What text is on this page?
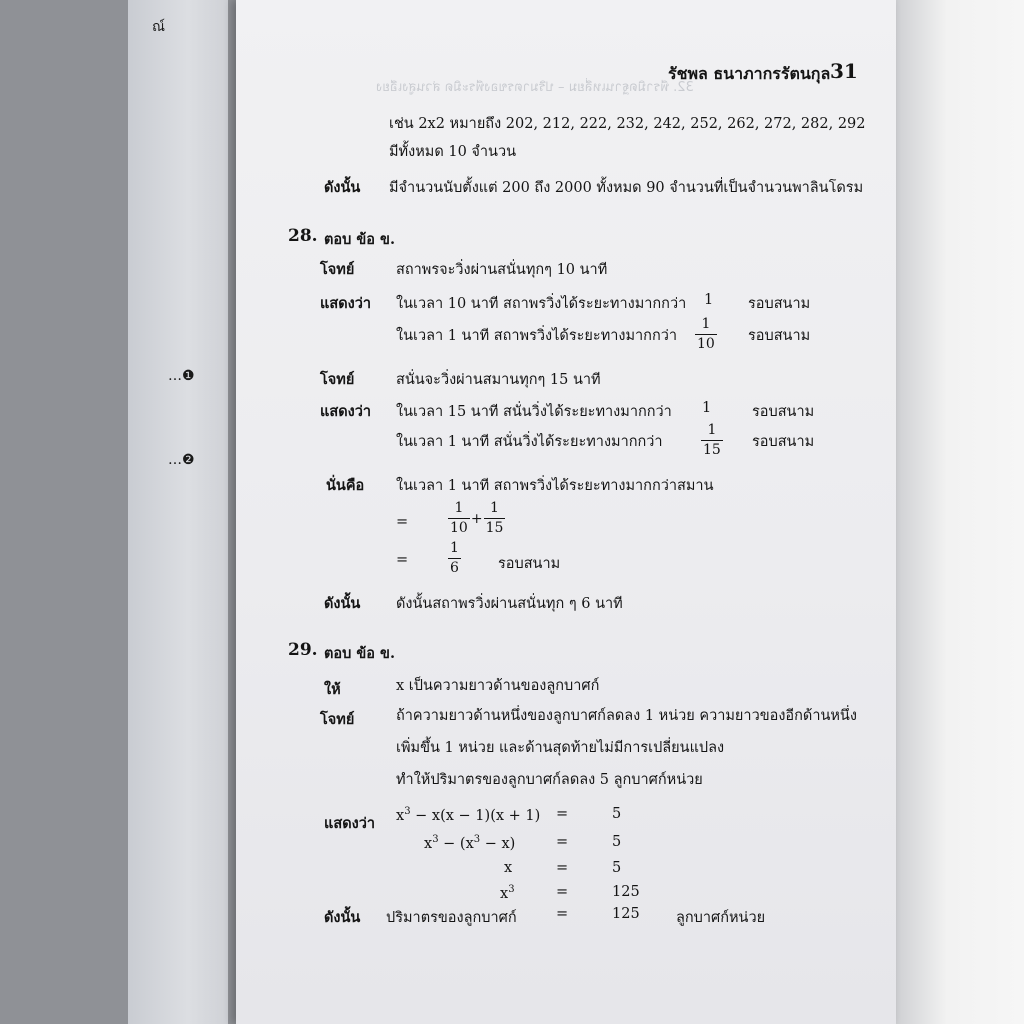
ณ์
…❶
…❷
32. พีรามิดฐานเหลี่ยม – ปริมาตรของพีระมิด ส่วนสูงเอียง
รัชพล ธนาภากรรัตนกุล 31
เช่น 2x2 หมายถึง 202, 212, 222, 232, 242, 252, 262, 272, 282, 292
มีทั้งหมด 10 จำนวน
ดังนั้น มีจำนวนนับตั้งแต่ 200 ถึง 2000 ทั้งหมด 90 จำนวนที่เป็นจำนวนพาลินโดรม
28. ตอบ ข้อ ข.
โจทย์	สถาพรจะวิ่งผ่านสนั่นทุกๆ 10 นาที
แสดงว่า ในเวลา 10 นาที สถาพรวิ่งได้ระยะทางมากกว่า 1 รอบสนาม
ในเวลา 1 นาที สถาพรวิ่งได้ระยะทางมากกว่า
1
10 รอบสนาม
โจทย์	สนั่นจะวิ่งผ่านสมานทุกๆ 15 นาที
แสดงว่า ในเวลา 15 นาที สนั่นวิ่งได้ระยะทางมากกว่า 1	รอบสนาม
ในเวลา 1 นาที สนั่นวิ่งได้ระยะทางมากกว่า
1
15 รอบสนาม
นั่นคือ ในเวลา 1 นาที สถาพรวิ่งได้ระยะทางมากกว่าสมาน
=	$\frac{1}{10} + \frac{1}{15}$
=
1
6	รอบสนาม
ดังนั้น ดังนั้นสถาพรวิ่งผ่านสนั่นทุก ๆ 6 นาที
29. ตอบ ข้อ ข.
ให้	x เป็นความยาวด้านของลูกบาศก์
โจทย์	ถ้าความยาวด้านหนึ่งของลูกบาศก์ลดลง 1 หน่วย ความยาวของอีกด้านหนึ่ง
เพิ่มขึ้น 1 หน่วย และด้านสุดท้ายไม่มีการเปลี่ยนแปลง
ทำให้ปริมาตรของลูกบาศก์ลดลง 5 ลูกบาศก์หน่วย
แสดงว่า $x^3 - x(x - 1)(x + 1)$ =	5
$x^3 - (x^3 - x)$	=	5
x	=	5
$x^3$	=	125
ดังนั้น ปริมาตรของลูกบาศก์	=	125	ลูกบาศก์หน่วย
